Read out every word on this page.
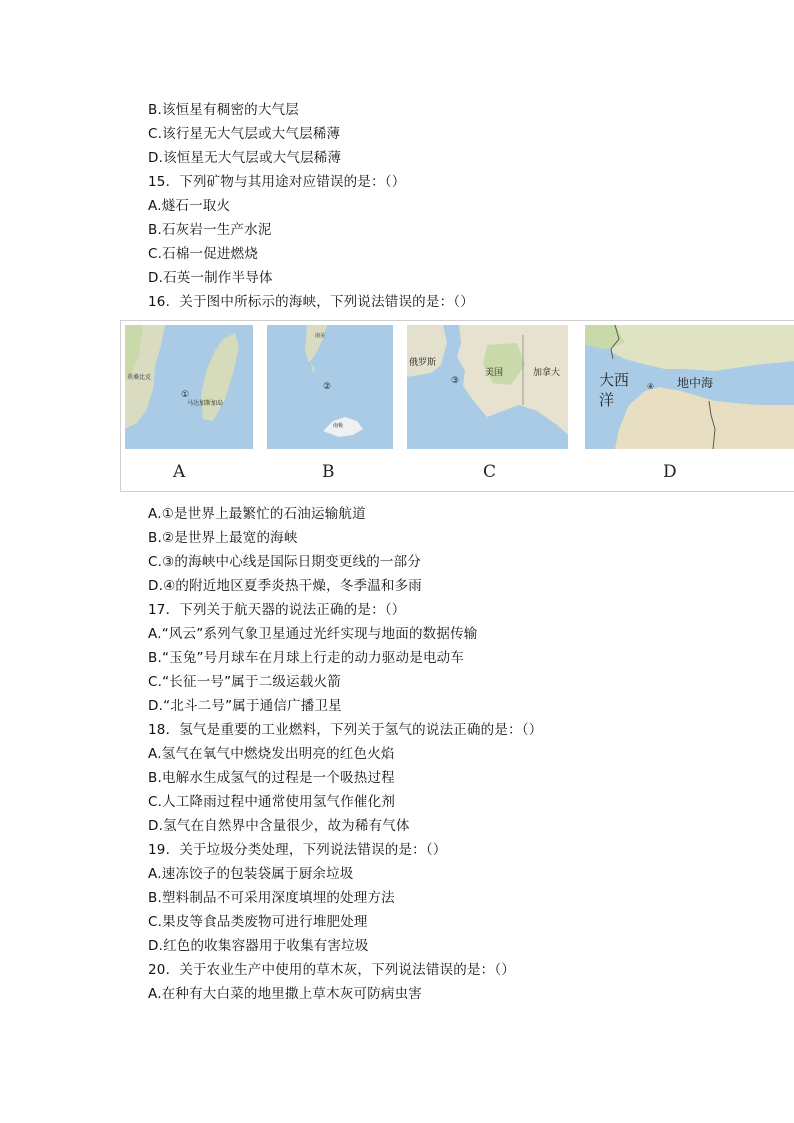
B.该恒星有稠密的大气层
C.该行星无大气层或大气层稀薄
D.该恒星无大气层或大气层稀薄
15．下列矿物与其用途对应错误的是：（）
A.燧石一取火
B.石灰岩一生产水泥
C.石棉一促进燃烧
D.石英一制作半导体
16．关于图中所标示的海峡，下列说法错误的是：（）
①
莫桑比克
马达加斯加岛
②
南美
南极
③
俄罗斯
美国	加拿大	大西
洋
④ 地中海
A	B	C	D
A.①是世界上最繁忙的石油运输航道
B.②是世界上最宽的海峡
C.③的海峡中心线是国际日期变更线的一部分
D.④的附近地区夏季炎热干燥，冬季温和多雨
17．下列关于航天器的说法正确的是：（）
A.“风云”系列气象卫星通过光纤实现与地面的数据传输
B.“玉兔”号月球车在月球上行走的动力驱动是电动车
C.“长征一号”属于二级运载火箭
D.“北斗二号”属于通信广播卫星
18．氢气是重要的工业燃料，下列关于氢气的说法正确的是：（）
A.氢气在氧气中燃烧发出明亮的红色火焰
B.电解水生成氢气的过程是一个吸热过程
C.人工降雨过程中通常使用氢气作催化剂
D.氢气在自然界中含量很少，故为稀有气体
19．关于垃圾分类处理，下列说法错误的是：（）
A.速冻饺子的包装袋属于厨余垃圾
B.塑料制品不可采用深度填埋的处理方法
C.果皮等食品类废物可进行堆肥处理
D.红色的收集容器用于收集有害垃圾
20．关于农业生产中使用的草木灰，下列说法错误的是：（）
A.在种有大白菜的地里撒上草木灰可防病虫害
